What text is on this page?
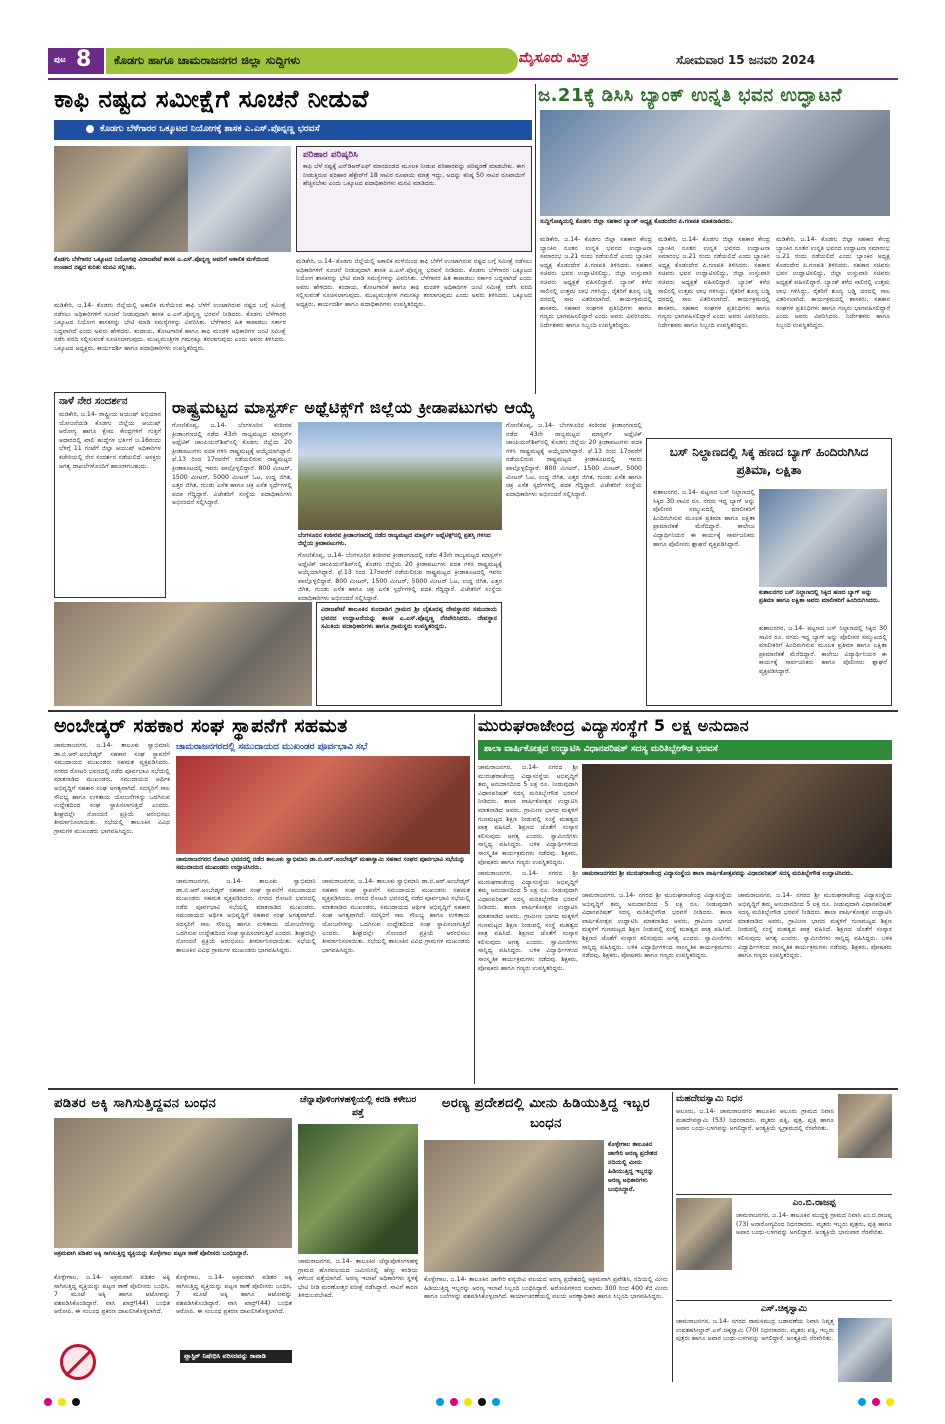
ಪುಟ 8 ಕೊಡಗು ಹಾಗೂ ಚಾಮರಾಜನಗರ ಜಿಲ್ಲಾ ಸುದ್ದಿಗಳು	ಮೈಸೂರು ಮಿತ್ರ	ಸೋಮವಾರ 15 ಜನವರಿ 2024
ಕಾಫಿ ನಷ್ಟದ ಸಮೀಕ್ಷೆಗೆ ಸೂಚನೆ ನೀಡುವೆ
ಕೊಡಗು ಬೆಳೆಗಾರರ ಒಕ್ಕೂಟದ ನಿಯೋಗಕ್ಕೆ ಶಾಸಕ ಎ.ಎಸ್.ಪೊನ್ನಣ್ಣ ಭರವಸೆ
ಪರಿಹಾರ ಪರಿಷ್ಕರಿಸಿ
ಕಾಫಿ ಬೆಳೆ ನಷ್ಟಕ್ಕೆ ಎನ್‌ಡಿಆರ್‌ಎಫ್ ಮಾನದಂಡದ ಮೂಲಕ ನೀಡುವ ಪರಿಹಾರವನ್ನು ಪರಿಷ್ಕರಣೆ ಮಾಡಬೇಕು. ಈಗ ನೀಡುತ್ತಿರುವ ಪರಿಹಾರ ಹೆಕ್ಟೇರ್‌ಗೆ 18 ಸಾವಿರ ರೂಪಾಯಿ ಮಾತ್ರ ಇದ್ದು, ಅದನ್ನು ಕನಿಷ್ಠ 50 ಸಾವಿರ ರೂಪಾಯಿಗೆ ಹೆಚ್ಚಿಸಬೇಕು ಎಂದು ಒಕ್ಕೂಟದ ಪದಾಧಿಕಾರಿಗಳು ಮನವಿ ಮಾಡಿದರು.
ಕೊಡಗು ಬೆಳೆಗಾರರ ಒಕ್ಕೂಟದ ನಿಯೋಗವು ವಿರಾಜಪೇಟೆ ಶಾಸಕ ಎ.ಎಸ್.ಪೊನ್ನಣ್ಣ ಅವರಿಗೆ ಅಕಾಲಿಕ ಮಳೆಯಿಂದ ಉಂಟಾದ ನಷ್ಟದ ಕುರಿತು ಮನವಿ ಸಲ್ಲಿಸಿತು.
ಮಡಿಕೇರಿ, ಜ.14- ಕೊಡಗು ಜಿಲ್ಲೆಯಲ್ಲಿ ಅಕಾಲಿಕ ಮಳೆಯಿಂದ ಕಾಫಿ ಬೆಳೆಗೆ ಉಂಟಾಗಿರುವ ನಷ್ಟದ ಬಗ್ಗೆ ಸಮೀಕ್ಷೆ ನಡೆಸಲು ಅಧಿಕಾರಿಗಳಿಗೆ ಸೂಚನೆ ನೀಡುವುದಾಗಿ ಶಾಸಕ ಎ.ಎಸ್.ಪೊನ್ನಣ್ಣ ಭರವಸೆ ನೀಡಿದರು. ಕೊಡಗು ಬೆಳೆಗಾರರ ಒಕ್ಕೂಟದ ನಿಯೋಗ ಶಾಸಕರನ್ನು ಭೇಟಿ ಮಾಡಿ ಸಮಸ್ಯೆಗಳನ್ನು ವಿವರಿಸಿತು. ಬೆಳೆಗಾರರ ಹಿತ ಕಾಪಾಡಲು ಸರ್ಕಾರ ಬದ್ಧವಾಗಿದೆ ಎಂದು ಅವರು ಹೇಳಿದರು. ಕಂದಾಯ, ತೋಟಗಾರಿಕೆ ಹಾಗೂ ಕಾಫಿ ಮಂಡಳಿ ಅಧಿಕಾರಿಗಳ ಜಂಟಿ ಸಮೀಕ್ಷೆ ನಡೆಸಿ ವರದಿ ಸಲ್ಲಿಸುವಂತೆ ಸೂಚಿಸಲಾಗುವುದು. ಮುಖ್ಯಮಂತ್ರಿಗಳ ಗಮನಕ್ಕೂ ತರಲಾಗುವುದು ಎಂದು ಅವರು ತಿಳಿಸಿದರು. ಒಕ್ಕೂಟದ ಅಧ್ಯಕ್ಷರು, ಕಾರ್ಯದರ್ಶಿ ಹಾಗೂ ಪದಾಧಿಕಾರಿಗಳು ಉಪಸ್ಥಿತರಿದ್ದರು.
ಮಡಿಕೇರಿ, ಜ.14- ಕೊಡಗು ಜಿಲ್ಲೆಯಲ್ಲಿ ಅಕಾಲಿಕ ಮಳೆಯಿಂದ ಕಾಫಿ ಬೆಳೆಗೆ ಉಂಟಾಗಿರುವ ನಷ್ಟದ ಬಗ್ಗೆ ಸಮೀಕ್ಷೆ ನಡೆಸಲು ಅಧಿಕಾರಿಗಳಿಗೆ ಸೂಚನೆ ನೀಡುವುದಾಗಿ ಶಾಸಕ ಎ.ಎಸ್.ಪೊನ್ನಣ್ಣ ಭರವಸೆ ನೀಡಿದರು. ಕೊಡಗು ಬೆಳೆಗಾರರ ಒಕ್ಕೂಟದ ನಿಯೋಗ ಶಾಸಕರನ್ನು ಭೇಟಿ ಮಾಡಿ ಸಮಸ್ಯೆಗಳನ್ನು ವಿವರಿಸಿತು. ಬೆಳೆಗಾರರ ಹಿತ ಕಾಪಾಡಲು ಸರ್ಕಾರ ಬದ್ಧವಾಗಿದೆ ಎಂದು ಅವರು ಹೇಳಿದರು. ಕಂದಾಯ, ತೋಟಗಾರಿಕೆ ಹಾಗೂ ಕಾಫಿ ಮಂಡಳಿ ಅಧಿಕಾರಿಗಳ ಜಂಟಿ ಸಮೀಕ್ಷೆ ನಡೆಸಿ ವರದಿ ಸಲ್ಲಿಸುವಂತೆ ಸೂಚಿಸಲಾಗುವುದು. ಮುಖ್ಯಮಂತ್ರಿಗಳ ಗಮನಕ್ಕೂ ತರಲಾಗುವುದು ಎಂದು ಅವರು ತಿಳಿಸಿದರು. ಒಕ್ಕೂಟದ ಅಧ್ಯಕ್ಷರು, ಕಾರ್ಯದರ್ಶಿ ಹಾಗೂ ಪದಾಧಿಕಾರಿಗಳು ಉಪಸ್ಥಿತರಿದ್ದರು.
ಜ.21ಕ್ಕೆ ಡಿಸಿಸಿ ಬ್ಯಾಂಕ್ ಉನ್ನತಿ ಭವನ ಉದ್ಘಾಟನೆ
ಸುದ್ದಿಗೋಷ್ಠಿಯಲ್ಲಿ ಕೊಡಗು ಜಿಲ್ಲಾ ಸಹಕಾರ ಬ್ಯಾಂಕ್ ಅಧ್ಯಕ್ಷ ಕೊಡಂದೇರ ಪಿ.ಗಣಪತಿ ಮಾತನಾಡಿದರು.
ಮಡಿಕೇರಿ, ಜ.14- ಕೊಡಗು ಜಿಲ್ಲಾ ಸಹಕಾರ ಕೇಂದ್ರ ಬ್ಯಾಂಕಿನ ನೂತನ ಉನ್ನತಿ ಭವನದ ಉದ್ಘಾಟನಾ ಸಮಾರಂಭ ಜ.21 ರಂದು ನಡೆಯಲಿದೆ ಎಂದು ಬ್ಯಾಂಕಿನ ಅಧ್ಯಕ್ಷ ಕೊಡಂದೇರ ಪಿ.ಗಣಪತಿ ತಿಳಿಸಿದರು. ಸಹಕಾರ ಸಚಿವರು ಭವನ ಉದ್ಘಾಟಿಸಲಿದ್ದು, ಜಿಲ್ಲಾ ಉಸ್ತುವಾರಿ ಸಚಿವರು ಅಧ್ಯಕ್ಷತೆ ವಹಿಸಲಿದ್ದಾರೆ. ಬ್ಯಾಂಕ್ ಕಳೆದ ಸಾಲಿನಲ್ಲಿ ಉತ್ತಮ ಲಾಭ ಗಳಿಸಿದ್ದು, ರೈತರಿಗೆ ಶೂನ್ಯ ಬಡ್ಡಿ ದರದಲ್ಲಿ ಸಾಲ ವಿತರಿಸಲಾಗಿದೆ. ಕಾರ್ಯಕ್ರಮದಲ್ಲಿ ಶಾಸಕರು, ಸಹಕಾರ ಸಂಘಗಳ ಪ್ರತಿನಿಧಿಗಳು ಹಾಗೂ ಗಣ್ಯರು ಭಾಗವಹಿಸಲಿದ್ದಾರೆ ಎಂದು ಅವರು ವಿವರಿಸಿದರು. ನಿರ್ದೇಶಕರು ಹಾಗೂ ಸಿಬ್ಬಂದಿ ಉಪಸ್ಥಿತರಿದ್ದರು.
ಮಡಿಕೇರಿ, ಜ.14- ಕೊಡಗು ಜಿಲ್ಲಾ ಸಹಕಾರ ಕೇಂದ್ರ ಬ್ಯಾಂಕಿನ ನೂತನ ಉನ್ನತಿ ಭವನದ ಉದ್ಘಾಟನಾ ಸಮಾರಂಭ ಜ.21 ರಂದು ನಡೆಯಲಿದೆ ಎಂದು ಬ್ಯಾಂಕಿನ ಅಧ್ಯಕ್ಷ ಕೊಡಂದೇರ ಪಿ.ಗಣಪತಿ ತಿಳಿಸಿದರು. ಸಹಕಾರ ಸಚಿವರು ಭವನ ಉದ್ಘಾಟಿಸಲಿದ್ದು, ಜಿಲ್ಲಾ ಉಸ್ತುವಾರಿ ಸಚಿವರು ಅಧ್ಯಕ್ಷತೆ ವಹಿಸಲಿದ್ದಾರೆ. ಬ್ಯಾಂಕ್ ಕಳೆದ ಸಾಲಿನಲ್ಲಿ ಉತ್ತಮ ಲಾಭ ಗಳಿಸಿದ್ದು, ರೈತರಿಗೆ ಶೂನ್ಯ ಬಡ್ಡಿ ದರದಲ್ಲಿ ಸಾಲ ವಿತರಿಸಲಾಗಿದೆ. ಕಾರ್ಯಕ್ರಮದಲ್ಲಿ ಶಾಸಕರು, ಸಹಕಾರ ಸಂಘಗಳ ಪ್ರತಿನಿಧಿಗಳು ಹಾಗೂ ಗಣ್ಯರು ಭಾಗವಹಿಸಲಿದ್ದಾರೆ ಎಂದು ಅವರು ವಿವರಿಸಿದರು. ನಿರ್ದೇಶಕರು ಹಾಗೂ ಸಿಬ್ಬಂದಿ ಉಪಸ್ಥಿತರಿದ್ದರು.
ಮಡಿಕೇರಿ, ಜ.14- ಕೊಡಗು ಜಿಲ್ಲಾ ಸಹಕಾರ ಕೇಂದ್ರ ಬ್ಯಾಂಕಿನ ನೂತನ ಉನ್ನತಿ ಭವನದ ಉದ್ಘಾಟನಾ ಸಮಾರಂಭ ಜ.21 ರಂದು ನಡೆಯಲಿದೆ ಎಂದು ಬ್ಯಾಂಕಿನ ಅಧ್ಯಕ್ಷ ಕೊಡಂದೇರ ಪಿ.ಗಣಪತಿ ತಿಳಿಸಿದರು. ಸಹಕಾರ ಸಚಿವರು ಭವನ ಉದ್ಘಾಟಿಸಲಿದ್ದು, ಜಿಲ್ಲಾ ಉಸ್ತುವಾರಿ ಸಚಿವರು ಅಧ್ಯಕ್ಷತೆ ವಹಿಸಲಿದ್ದಾರೆ. ಬ್ಯಾಂಕ್ ಕಳೆದ ಸಾಲಿನಲ್ಲಿ ಉತ್ತಮ ಲಾಭ ಗಳಿಸಿದ್ದು, ರೈತರಿಗೆ ಶೂನ್ಯ ಬಡ್ಡಿ ದರದಲ್ಲಿ ಸಾಲ ವಿತರಿಸಲಾಗಿದೆ. ಕಾರ್ಯಕ್ರಮದಲ್ಲಿ ಶಾಸಕರು, ಸಹಕಾರ ಸಂಘಗಳ ಪ್ರತಿನಿಧಿಗಳು ಹಾಗೂ ಗಣ್ಯರು ಭಾಗವಹಿಸಲಿದ್ದಾರೆ ಎಂದು ಅವರು ವಿವರಿಸಿದರು. ನಿರ್ದೇಶಕರು ಹಾಗೂ ಸಿಬ್ಬಂದಿ ಉಪಸ್ಥಿತರಿದ್ದರು.
ನಾಳೆ ನೇರ ಸಂದರ್ಶನ
ಮಡಿಕೇರಿ, ಜ.14- ರಾಷ್ಟ್ರೀಯ ಆಯುಷ್ ಅಭಿಯಾನ ಯೋಜನೆಯಡಿ ಕೊಡಗು ಜಿಲ್ಲೆಯ ಆಯುಷ್ ಆರೋಗ್ಯ ಹಾಗೂ ಕ್ಷೇಮ ಕೇಂದ್ರಗಳಿಗೆ ಗುತ್ತಿಗೆ ಆಧಾರದಲ್ಲಿ ಖಾಲಿ ಹುದ್ದೆಗಳ ಭರ್ತಿಗೆ ಜ.16ರಂದು ಬೆಳಿಗ್ಗೆ 11 ಗಂಟೆಗೆ ಜಿಲ್ಲಾ ಆಯುಷ್ ಅಧಿಕಾರಿಗಳ ಕಚೇರಿಯಲ್ಲಿ ನೇರ ಸಂದರ್ಶನ ನಡೆಯಲಿದೆ. ಆಸಕ್ತರು ಅಗತ್ಯ ದಾಖಲೆಗಳೊಂದಿಗೆ ಹಾಜರಾಗಬಹುದು.
ರಾಷ್ಟ್ರಮಟ್ಟದ ಮಾಸ್ಟರ್ಸ್ ಅಥ್ಲೆಟಿಕ್ಸ್‌ಗೆ ಜಿಲ್ಲೆಯ ಕ್ರೀಡಾಪಟುಗಳು ಆಯ್ಕೆ
ಗೋಣಿಕೊಪ್ಪ, ಜ.14- ಬೆಂಗಳೂರಿನ ಕಂಠೀರವ ಕ್ರೀಡಾಂಗಣದಲ್ಲಿ ನಡೆದ 43ನೇ ರಾಜ್ಯಮಟ್ಟದ ಮಾಸ್ಟರ್ಸ್ ಅಥ್ಲೆಟಿಕ್ ಚಾಂಪಿಯನ್‌ಶಿಪ್‌ನಲ್ಲಿ ಕೊಡಗು ಜಿಲ್ಲೆಯ 20 ಕ್ರೀಡಾಪಟುಗಳು ಪದಕ ಗಳಿಸಿ ರಾಷ್ಟ್ರಮಟ್ಟಕ್ಕೆ ಆಯ್ಕೆಯಾಗಿದ್ದಾರೆ. ಫೆ.13 ರಿಂದ 17ರವರೆಗೆ ನಡೆಯಲಿರುವ ರಾಷ್ಟ್ರಮಟ್ಟದ ಕ್ರೀಡಾಕೂಟದಲ್ಲಿ ಇವರು ಪಾಲ್ಗೊಳ್ಳಲಿದ್ದಾರೆ. 800 ಮೀಟರ್, 1500 ಮೀಟರ್, 5000 ಮೀಟರ್ ಓಟ, ಉದ್ದ ಜಿಗಿತ, ಎತ್ತರ ಜಿಗಿತ, ಗುಂಡು ಎಸೆತ ಹಾಗೂ ಚಕ್ರ ಎಸೆತ ಸ್ಪರ್ಧೆಗಳಲ್ಲಿ ಪದಕ ಗೆದ್ದಿದ್ದಾರೆ. ವಿಜೇತರಿಗೆ ಸಂಸ್ಥೆಯ ಪದಾಧಿಕಾರಿಗಳು ಅಭಿನಂದನೆ ಸಲ್ಲಿಸಿದ್ದಾರೆ.
ಬೆಂಗಳೂರಿನ ಕಂಠೀರವ ಕ್ರೀಡಾಂಗಣದಲ್ಲಿ ನಡೆದ ರಾಜ್ಯಮಟ್ಟದ ಮಾಸ್ಟರ್ಸ್ ಅಥ್ಲೆಟಿಕ್ಸ್‌ನಲ್ಲಿ ಪ್ರಶಸ್ತಿ ಗಳಿಸಿದ ಜಿಲ್ಲೆಯ ಕ್ರೀಡಾಪಟುಗಳು.
ಗೋಣಿಕೊಪ್ಪ, ಜ.14- ಬೆಂಗಳೂರಿನ ಕಂಠೀರವ ಕ್ರೀಡಾಂಗಣದಲ್ಲಿ ನಡೆದ 43ನೇ ರಾಜ್ಯಮಟ್ಟದ ಮಾಸ್ಟರ್ಸ್ ಅಥ್ಲೆಟಿಕ್ ಚಾಂಪಿಯನ್‌ಶಿಪ್‌ನಲ್ಲಿ ಕೊಡಗು ಜಿಲ್ಲೆಯ 20 ಕ್ರೀಡಾಪಟುಗಳು ಪದಕ ಗಳಿಸಿ ರಾಷ್ಟ್ರಮಟ್ಟಕ್ಕೆ ಆಯ್ಕೆಯಾಗಿದ್ದಾರೆ. ಫೆ.13 ರಿಂದ 17ರವರೆಗೆ ನಡೆಯಲಿರುವ ರಾಷ್ಟ್ರಮಟ್ಟದ ಕ್ರೀಡಾಕೂಟದಲ್ಲಿ ಇವರು ಪಾಲ್ಗೊಳ್ಳಲಿದ್ದಾರೆ. 800 ಮೀಟರ್, 1500 ಮೀಟರ್, 5000 ಮೀಟರ್ ಓಟ, ಉದ್ದ ಜಿಗಿತ, ಎತ್ತರ ಜಿಗಿತ, ಗುಂಡು ಎಸೆತ ಹಾಗೂ ಚಕ್ರ ಎಸೆತ ಸ್ಪರ್ಧೆಗಳಲ್ಲಿ ಪದಕ ಗೆದ್ದಿದ್ದಾರೆ. ವಿಜೇತರಿಗೆ ಸಂಸ್ಥೆಯ ಪದಾಧಿಕಾರಿಗಳು ಅಭಿನಂದನೆ ಸಲ್ಲಿಸಿದ್ದಾರೆ.
ಗೋಣಿಕೊಪ್ಪ, ಜ.14- ಬೆಂಗಳೂರಿನ ಕಂಠೀರವ ಕ್ರೀಡಾಂಗಣದಲ್ಲಿ ನಡೆದ 43ನೇ ರಾಜ್ಯಮಟ್ಟದ ಮಾಸ್ಟರ್ಸ್ ಅಥ್ಲೆಟಿಕ್ ಚಾಂಪಿಯನ್‌ಶಿಪ್‌ನಲ್ಲಿ ಕೊಡಗು ಜಿಲ್ಲೆಯ 20 ಕ್ರೀಡಾಪಟುಗಳು ಪದಕ ಗಳಿಸಿ ರಾಷ್ಟ್ರಮಟ್ಟಕ್ಕೆ ಆಯ್ಕೆಯಾಗಿದ್ದಾರೆ. ಫೆ.13 ರಿಂದ 17ರವರೆಗೆ ನಡೆಯಲಿರುವ ರಾಷ್ಟ್ರಮಟ್ಟದ ಕ್ರೀಡಾಕೂಟದಲ್ಲಿ ಇವರು ಪಾಲ್ಗೊಳ್ಳಲಿದ್ದಾರೆ. 800 ಮೀಟರ್, 1500 ಮೀಟರ್, 5000 ಮೀಟರ್ ಓಟ, ಉದ್ದ ಜಿಗಿತ, ಎತ್ತರ ಜಿಗಿತ, ಗುಂಡು ಎಸೆತ ಹಾಗೂ ಚಕ್ರ ಎಸೆತ ಸ್ಪರ್ಧೆಗಳಲ್ಲಿ ಪದಕ ಗೆದ್ದಿದ್ದಾರೆ. ವಿಜೇತರಿಗೆ ಸಂಸ್ಥೆಯ ಪದಾಧಿಕಾರಿಗಳು ಅಭಿನಂದನೆ ಸಲ್ಲಿಸಿದ್ದಾರೆ.
ವಿರಾಜಪೇಟೆ ತಾಲೂಕಿನ ಕುಂದಾಡಿಗ ಗ್ರಾಮದ ಶ್ರೀ ಬೈತೂರಪ್ಪ ದೇವಸ್ಥಾನದ ಸಮುದಾಯ ಭವನದ ಉದ್ಘಾಟನೆಯನ್ನು ಶಾಸಕ ಎ.ಎಸ್.ಪೊನ್ನಣ್ಣ ನೆರವೇರಿಸಿದರು. ದೇವಸ್ಥಾನ ಸಮಿತಿಯ ಪದಾಧಿಕಾರಿಗಳು ಹಾಗೂ ಗ್ರಾಮಸ್ಥರು ಉಪಸ್ಥಿತರಿದ್ದರು.
ಬಸ್ ನಿಲ್ದಾಣದಲ್ಲಿ ಸಿಕ್ಕ ಹಣದ ಬ್ಯಾಗ್ ಹಿಂದಿರುಗಿಸಿದ ಪ್ರತಿಮಾ, ಲಕ್ಷಿತಾ
ಕುಶಾಲನಗರ, ಜ.14- ಪಟ್ಟಣದ ಬಸ್ ನಿಲ್ದಾಣದಲ್ಲಿ ಸಿಕ್ಕಿದ 30 ಸಾವಿರ ರೂ. ನಗದು ಇದ್ದ ಬ್ಯಾಗ್ ಅನ್ನು ಪೊಲೀಸರ ಸಮ್ಮುಖದಲ್ಲಿ ಮಾಲೀಕರಿಗೆ ಹಿಂದಿರುಗಿಸುವ ಮೂಲಕ ಪ್ರತಿಮಾ ಹಾಗೂ ಲಕ್ಷಿತಾ ಪ್ರಾಮಾಣಿಕತೆ ಮೆರೆದಿದ್ದಾರೆ. ಕಾಲೇಜು ವಿದ್ಯಾರ್ಥಿನಿಯರ ಈ ಕಾರ್ಯಕ್ಕೆ ಸಾರ್ವಜನಿಕರು ಹಾಗೂ ಪೊಲೀಸರು ಶ್ಲಾಘನೆ ವ್ಯಕ್ತಪಡಿಸಿದ್ದಾರೆ.
ಕುಶಾಲನಗರ ಬಸ್ ನಿಲ್ದಾಣದಲ್ಲಿ ಸಿಕ್ಕಿದ ಹಣದ ಬ್ಯಾಗ್ ಅನ್ನು ಪ್ರತಿಮಾ ಹಾಗೂ ಲಕ್ಷಿತಾ ಅವರು ಮಾಲೀಕರಿಗೆ ಹಿಂದಿರುಗಿಸಿದರು.
ಕುಶಾಲನಗರ, ಜ.14- ಪಟ್ಟಣದ ಬಸ್ ನಿಲ್ದಾಣದಲ್ಲಿ ಸಿಕ್ಕಿದ 30 ಸಾವಿರ ರೂ. ನಗದು ಇದ್ದ ಬ್ಯಾಗ್ ಅನ್ನು ಪೊಲೀಸರ ಸಮ್ಮುಖದಲ್ಲಿ ಮಾಲೀಕರಿಗೆ ಹಿಂದಿರುಗಿಸುವ ಮೂಲಕ ಪ್ರತಿಮಾ ಹಾಗೂ ಲಕ್ಷಿತಾ ಪ್ರಾಮಾಣಿಕತೆ ಮೆರೆದಿದ್ದಾರೆ. ಕಾಲೇಜು ವಿದ್ಯಾರ್ಥಿನಿಯರ ಈ ಕಾರ್ಯಕ್ಕೆ ಸಾರ್ವಜನಿಕರು ಹಾಗೂ ಪೊಲೀಸರು ಶ್ಲಾಘನೆ ವ್ಯಕ್ತಪಡಿಸಿದ್ದಾರೆ.
ಅಂಬೇಡ್ಕರ್ ಸಹಕಾರ ಸಂಘ ಸ್ಥಾಪನೆಗೆ ಸಹಮತ
ಚಾಮರಾಜನಗರ, ಜ.14- ತಾಲೂಕು ಸ್ವಾಭಿಮಾನಿ ಡಾ.ಬಿ.ಆರ್.ಅಂಬೇಡ್ಕರ್ ಸಹಕಾರ ಸಂಘ ಸ್ಥಾಪನೆಗೆ ಸಮುದಾಯದ ಮುಖಂಡರು ಸಹಮತ ವ್ಯಕ್ತಪಡಿಸಿದರು. ನಗರದ ರೋಟರಿ ಭವನದಲ್ಲಿ ನಡೆದ ಪೂರ್ವಭಾವಿ ಸಭೆಯಲ್ಲಿ ಮಾತನಾಡಿದ ಮುಖಂಡರು, ಸಮುದಾಯದ ಆರ್ಥಿಕ ಅಭಿವೃದ್ಧಿಗೆ ಸಹಕಾರ ಸಂಘ ಅಗತ್ಯವಾಗಿದೆ. ಸದಸ್ಯರಿಗೆ ಸಾಲ ಸೌಲಭ್ಯ ಹಾಗೂ ಉಳಿತಾಯ ಯೋಜನೆಗಳನ್ನು ಒದಗಿಸುವ ಉದ್ದೇಶದಿಂದ ಸಂಘ ಸ್ಥಾಪಿಸಲಾಗುತ್ತಿದೆ ಎಂದರು. ಶೀಘ್ರದಲ್ಲೇ ನೋಂದಣಿ ಪ್ರಕ್ರಿಯೆ ಆರಂಭಿಸಲು ತೀರ್ಮಾನಿಸಲಾಯಿತು. ಸಭೆಯಲ್ಲಿ ತಾಲೂಕಿನ ವಿವಿಧ ಗ್ರಾಮಗಳ ಮುಖಂಡರು ಭಾಗವಹಿಸಿದ್ದರು.
ಚಾಮರಾಜನಗರದಲ್ಲಿ ಸಮುದಾಯದ ಮುಖಂಡರ ಪೂರ್ವಭಾವಿ ಸಭೆ
ಚಾಮರಾಜನಗರದ ರೋಟರಿ ಭವನದಲ್ಲಿ ನಡೆದ ತಾಲೂಕು ಸ್ವಾಭಿಮಾನಿ ಡಾ.ಬಿ.ಆರ್.ಅಂಬೇಡ್ಕರ್ ಮಹಾಸ್ವಾಮಿ ಸಹಕಾರ ಸಂಘದ ಪೂರ್ವಭಾವಿ ಸಭೆಯನ್ನು ಸಮುದಾಯದ ಮುಖಂಡರು ಉದ್ಘಾಟಿಸಿದರು.
ಚಾಮರಾಜನಗರ, ಜ.14- ತಾಲೂಕು ಸ್ವಾಭಿಮಾನಿ ಡಾ.ಬಿ.ಆರ್.ಅಂಬೇಡ್ಕರ್ ಸಹಕಾರ ಸಂಘ ಸ್ಥಾಪನೆಗೆ ಸಮುದಾಯದ ಮುಖಂಡರು ಸಹಮತ ವ್ಯಕ್ತಪಡಿಸಿದರು. ನಗರದ ರೋಟರಿ ಭವನದಲ್ಲಿ ನಡೆದ ಪೂರ್ವಭಾವಿ ಸಭೆಯಲ್ಲಿ ಮಾತನಾಡಿದ ಮುಖಂಡರು, ಸಮುದಾಯದ ಆರ್ಥಿಕ ಅಭಿವೃದ್ಧಿಗೆ ಸಹಕಾರ ಸಂಘ ಅಗತ್ಯವಾಗಿದೆ. ಸದಸ್ಯರಿಗೆ ಸಾಲ ಸೌಲಭ್ಯ ಹಾಗೂ ಉಳಿತಾಯ ಯೋಜನೆಗಳನ್ನು ಒದಗಿಸುವ ಉದ್ದೇಶದಿಂದ ಸಂಘ ಸ್ಥಾಪಿಸಲಾಗುತ್ತಿದೆ ಎಂದರು. ಶೀಘ್ರದಲ್ಲೇ ನೋಂದಣಿ ಪ್ರಕ್ರಿಯೆ ಆರಂಭಿಸಲು ತೀರ್ಮಾನಿಸಲಾಯಿತು. ಸಭೆಯಲ್ಲಿ ತಾಲೂಕಿನ ವಿವಿಧ ಗ್ರಾಮಗಳ ಮುಖಂಡರು ಭಾಗವಹಿಸಿದ್ದರು.
ಚಾಮರಾಜನಗರ, ಜ.14- ತಾಲೂಕು ಸ್ವಾಭಿಮಾನಿ ಡಾ.ಬಿ.ಆರ್.ಅಂಬೇಡ್ಕರ್ ಸಹಕಾರ ಸಂಘ ಸ್ಥಾಪನೆಗೆ ಸಮುದಾಯದ ಮುಖಂಡರು ಸಹಮತ ವ್ಯಕ್ತಪಡಿಸಿದರು. ನಗರದ ರೋಟರಿ ಭವನದಲ್ಲಿ ನಡೆದ ಪೂರ್ವಭಾವಿ ಸಭೆಯಲ್ಲಿ ಮಾತನಾಡಿದ ಮುಖಂಡರು, ಸಮುದಾಯದ ಆರ್ಥಿಕ ಅಭಿವೃದ್ಧಿಗೆ ಸಹಕಾರ ಸಂಘ ಅಗತ್ಯವಾಗಿದೆ. ಸದಸ್ಯರಿಗೆ ಸಾಲ ಸೌಲಭ್ಯ ಹಾಗೂ ಉಳಿತಾಯ ಯೋಜನೆಗಳನ್ನು ಒದಗಿಸುವ ಉದ್ದೇಶದಿಂದ ಸಂಘ ಸ್ಥಾಪಿಸಲಾಗುತ್ತಿದೆ ಎಂದರು. ಶೀಘ್ರದಲ್ಲೇ ನೋಂದಣಿ ಪ್ರಕ್ರಿಯೆ ಆರಂಭಿಸಲು ತೀರ್ಮಾನಿಸಲಾಯಿತು. ಸಭೆಯಲ್ಲಿ ತಾಲೂಕಿನ ವಿವಿಧ ಗ್ರಾಮಗಳ ಮುಖಂಡರು ಭಾಗವಹಿಸಿದ್ದರು.
ಮುರುಘರಾಜೇಂದ್ರ ವಿದ್ಯಾಸಂಸ್ಥೆಗೆ 5 ಲಕ್ಷ ಅನುದಾನ
ಶಾಲಾ ವಾರ್ಷಿಕೋತ್ಸವ ಉದ್ಘಾಟಿಸಿ ವಿಧಾನಪರಿಷತ್ ಸದಸ್ಯ ಮರಿತಿಬ್ಬೇಗೌಡ ಭರವಸೆ
ಚಾಮರಾಜನಗರ, ಜ.14- ನಗರದ ಶ್ರೀ ಮುರುಘರಾಜೇಂದ್ರ ವಿದ್ಯಾಸಂಸ್ಥೆಯ ಅಭಿವೃದ್ಧಿಗೆ ತಮ್ಮ ಅನುದಾನದಿಂದ 5 ಲಕ್ಷ ರೂ. ನೀಡುವುದಾಗಿ ವಿಧಾನಪರಿಷತ್ ಸದಸ್ಯ ಮರಿತಿಬ್ಬೇಗೌಡ ಭರವಸೆ ನೀಡಿದರು. ಶಾಲಾ ವಾರ್ಷಿಕೋತ್ಸವ ಉದ್ಘಾಟಿಸಿ ಮಾತನಾಡಿದ ಅವರು, ಗ್ರಾಮೀಣ ಭಾಗದ ಮಕ್ಕಳಿಗೆ ಗುಣಮಟ್ಟದ ಶಿಕ್ಷಣ ನೀಡುವಲ್ಲಿ ಸಂಸ್ಥೆ ಮಹತ್ವದ ಪಾತ್ರ ವಹಿಸಿದೆ. ಶಿಕ್ಷಣದ ಜೊತೆಗೆ ಸಂಸ್ಕಾರ ಕಲಿಸುವುದು ಅಗತ್ಯ ಎಂದರು. ಸ್ವಾಮೀಜಿಗಳು ಸಾನ್ನಿಧ್ಯ ವಹಿಸಿದ್ದರು. ಬಳಿಕ ವಿದ್ಯಾರ್ಥಿಗಳಿಂದ ಸಾಂಸ್ಕೃತಿಕ ಕಾರ್ಯಕ್ರಮಗಳು ನಡೆದವು. ಶಿಕ್ಷಕರು, ಪೋಷಕರು ಹಾಗೂ ಗಣ್ಯರು ಉಪಸ್ಥಿತರಿದ್ದರು.
ಚಾಮರಾಜನಗರದ ಶ್ರೀ ಮುರುಘರಾಜೇಂದ್ರ ವಿದ್ಯಾಸಂಸ್ಥೆಯ ಶಾಲಾ ವಾರ್ಷಿಕೋತ್ಸವವನ್ನು ವಿಧಾನಪರಿಷತ್ ಸದಸ್ಯ ಮರಿತಿಬ್ಬೇಗೌಡ ಉದ್ಘಾಟಿಸಿದರು.
ಚಾಮರಾಜನಗರ, ಜ.14- ನಗರದ ಶ್ರೀ ಮುರುಘರಾಜೇಂದ್ರ ವಿದ್ಯಾಸಂಸ್ಥೆಯ ಅಭಿವೃದ್ಧಿಗೆ ತಮ್ಮ ಅನುದಾನದಿಂದ 5 ಲಕ್ಷ ರೂ. ನೀಡುವುದಾಗಿ ವಿಧಾನಪರಿಷತ್ ಸದಸ್ಯ ಮರಿತಿಬ್ಬೇಗೌಡ ಭರವಸೆ ನೀಡಿದರು. ಶಾಲಾ ವಾರ್ಷಿಕೋತ್ಸವ ಉದ್ಘಾಟಿಸಿ ಮಾತನಾಡಿದ ಅವರು, ಗ್ರಾಮೀಣ ಭಾಗದ ಮಕ್ಕಳಿಗೆ ಗುಣಮಟ್ಟದ ಶಿಕ್ಷಣ ನೀಡುವಲ್ಲಿ ಸಂಸ್ಥೆ ಮಹತ್ವದ ಪಾತ್ರ ವಹಿಸಿದೆ. ಶಿಕ್ಷಣದ ಜೊತೆಗೆ ಸಂಸ್ಕಾರ ಕಲಿಸುವುದು ಅಗತ್ಯ ಎಂದರು. ಸ್ವಾಮೀಜಿಗಳು ಸಾನ್ನಿಧ್ಯ ವಹಿಸಿದ್ದರು. ಬಳಿಕ ವಿದ್ಯಾರ್ಥಿಗಳಿಂದ ಸಾಂಸ್ಕೃತಿಕ ಕಾರ್ಯಕ್ರಮಗಳು ನಡೆದವು. ಶಿಕ್ಷಕರು, ಪೋಷಕರು ಹಾಗೂ ಗಣ್ಯರು ಉಪಸ್ಥಿತರಿದ್ದರು.
ಚಾಮರಾಜನಗರ, ಜ.14- ನಗರದ ಶ್ರೀ ಮುರುಘರಾಜೇಂದ್ರ ವಿದ್ಯಾಸಂಸ್ಥೆಯ ಅಭಿವೃದ್ಧಿಗೆ ತಮ್ಮ ಅನುದಾನದಿಂದ 5 ಲಕ್ಷ ರೂ. ನೀಡುವುದಾಗಿ ವಿಧಾನಪರಿಷತ್ ಸದಸ್ಯ ಮರಿತಿಬ್ಬೇಗೌಡ ಭರವಸೆ ನೀಡಿದರು. ಶಾಲಾ ವಾರ್ಷಿಕೋತ್ಸವ ಉದ್ಘಾಟಿಸಿ ಮಾತನಾಡಿದ ಅವರು, ಗ್ರಾಮೀಣ ಭಾಗದ ಮಕ್ಕಳಿಗೆ ಗುಣಮಟ್ಟದ ಶಿಕ್ಷಣ ನೀಡುವಲ್ಲಿ ಸಂಸ್ಥೆ ಮಹತ್ವದ ಪಾತ್ರ ವಹಿಸಿದೆ. ಶಿಕ್ಷಣದ ಜೊತೆಗೆ ಸಂಸ್ಕಾರ ಕಲಿಸುವುದು ಅಗತ್ಯ ಎಂದರು. ಸ್ವಾಮೀಜಿಗಳು ಸಾನ್ನಿಧ್ಯ ವಹಿಸಿದ್ದರು. ಬಳಿಕ ವಿದ್ಯಾರ್ಥಿಗಳಿಂದ ಸಾಂಸ್ಕೃತಿಕ ಕಾರ್ಯಕ್ರಮಗಳು ನಡೆದವು. ಶಿಕ್ಷಕರು, ಪೋಷಕರು ಹಾಗೂ ಗಣ್ಯರು ಉಪಸ್ಥಿತರಿದ್ದರು.
ಚಾಮರಾಜನಗರ, ಜ.14- ನಗರದ ಶ್ರೀ ಮುರುಘರಾಜೇಂದ್ರ ವಿದ್ಯಾಸಂಸ್ಥೆಯ ಅಭಿವೃದ್ಧಿಗೆ ತಮ್ಮ ಅನುದಾನದಿಂದ 5 ಲಕ್ಷ ರೂ. ನೀಡುವುದಾಗಿ ವಿಧಾನಪರಿಷತ್ ಸದಸ್ಯ ಮರಿತಿಬ್ಬೇಗೌಡ ಭರವಸೆ ನೀಡಿದರು. ಶಾಲಾ ವಾರ್ಷಿಕೋತ್ಸವ ಉದ್ಘಾಟಿಸಿ ಮಾತನಾಡಿದ ಅವರು, ಗ್ರಾಮೀಣ ಭಾಗದ ಮಕ್ಕಳಿಗೆ ಗುಣಮಟ್ಟದ ಶಿಕ್ಷಣ ನೀಡುವಲ್ಲಿ ಸಂಸ್ಥೆ ಮಹತ್ವದ ಪಾತ್ರ ವಹಿಸಿದೆ. ಶಿಕ್ಷಣದ ಜೊತೆಗೆ ಸಂಸ್ಕಾರ ಕಲಿಸುವುದು ಅಗತ್ಯ ಎಂದರು. ಸ್ವಾಮೀಜಿಗಳು ಸಾನ್ನಿಧ್ಯ ವಹಿಸಿದ್ದರು. ಬಳಿಕ ವಿದ್ಯಾರ್ಥಿಗಳಿಂದ ಸಾಂಸ್ಕೃತಿಕ ಕಾರ್ಯಕ್ರಮಗಳು ನಡೆದವು. ಶಿಕ್ಷಕರು, ಪೋಷಕರು ಹಾಗೂ ಗಣ್ಯರು ಉಪಸ್ಥಿತರಿದ್ದರು.
ಪಡಿತರ ಅಕ್ಕಿ ಸಾಗಿಸುತ್ತಿದ್ದವನ ಬಂಧನ
ಅಕ್ರಮವಾಗಿ ಪಡಿತರ ಅಕ್ಕಿ ಸಾಗಿಸುತ್ತಿದ್ದ ವ್ಯಕ್ತಿಯನ್ನು ಕೊಳ್ಳೇಗಾಲ ಪಟ್ಟಣ ಠಾಣೆ ಪೊಲೀಸರು ಬಂಧಿಸಿದ್ದಾರೆ.
ಕೊಳ್ಳೇಗಾಲ, ಜ.14- ಅಕ್ರಮವಾಗಿ ಪಡಿತರ ಅಕ್ಕಿ ಸಾಗಿಸುತ್ತಿದ್ದ ವ್ಯಕ್ತಿಯನ್ನು ಪಟ್ಟಣ ಠಾಣೆ ಪೊಲೀಸರು ಬಂಧಿಸಿ, 7 ಮೂಟೆ ಅಕ್ಕಿ ಹಾಗೂ ಆಟೋವನ್ನು ವಶಪಡಿಸಿಕೊಂಡಿದ್ದಾರೆ. ವಾಸಿ ಖಾದ್ರ್(44) ಬಂಧಿತ ಆರೋಪಿ. ಈ ಸಂಬಂಧ ಪ್ರಕರಣ ದಾಖಲಿಸಿಕೊಳ್ಳಲಾಗಿದೆ.
ಕೊಳ್ಳೇಗಾಲ, ಜ.14- ಅಕ್ರಮವಾಗಿ ಪಡಿತರ ಅಕ್ಕಿ ಸಾಗಿಸುತ್ತಿದ್ದ ವ್ಯಕ್ತಿಯನ್ನು ಪಟ್ಟಣ ಠಾಣೆ ಪೊಲೀಸರು ಬಂಧಿಸಿ, 7 ಮೂಟೆ ಅಕ್ಕಿ ಹಾಗೂ ಆಟೋವನ್ನು ವಶಪಡಿಸಿಕೊಂಡಿದ್ದಾರೆ. ವಾಸಿ ಖಾದ್ರ್(44) ಬಂಧಿತ ಆರೋಪಿ. ಈ ಸಂಬಂಧ ಪ್ರಕರಣ ದಾಖಲಿಸಿಕೊಳ್ಳಲಾಗಿದೆ.
ಪ್ಲಾಸ್ಟಿಕ್ ನಿಷೇಧಿಸಿ ಪರಿಸರವನ್ನು ಕಾಪಾಡಿ
ಚೆನ್ನಾಪೊಳಿಂಗಳಹಳ್ಳಿಯಲ್ಲಿ ಕರಡಿ ಕಳೇಬರ ಪತ್ತೆ
ಚಾಮರಾಜನಗರ, ಜ.14- ತಾಲೂಕಿನ ಚೆನ್ನಾಪೊಳಿಂಗಳಹಳ್ಳಿ ಗ್ರಾಮದ ಹೊರವಲಯದ ಜಮೀನಿನಲ್ಲಿ ಹೆಣ್ಣು ಕರಡಿಯ ಕಳೇಬರ ಪತ್ತೆಯಾಗಿದೆ. ಅರಣ್ಯ ಇಲಾಖೆ ಅಧಿಕಾರಿಗಳು ಸ್ಥಳಕ್ಕೆ ಭೇಟಿ ನೀಡಿ ಮರಣೋತ್ತರ ಪರೀಕ್ಷೆ ನಡೆಸಿದ್ದಾರೆ. ಸಾವಿಗೆ ಕಾರಣ ತಿಳಿದುಬರಬೇಕಿದೆ.
ಅರಣ್ಯ ಪ್ರದೇಶದಲ್ಲಿ ಮೀನು ಹಿಡಿಯುತ್ತಿದ್ದ ಇಬ್ಬರ ಬಂಧನ
ಕೊಳ್ಳೇಗಾಲ ತಾಲೂಕಿನ ಜಾಗೇರಿ ಅರಣ್ಯ ಪ್ರದೇಶದ ನದಿಯಲ್ಲಿ ಮೀನು ಹಿಡಿಯುತ್ತಿದ್ದ ಇಬ್ಬರನ್ನು ಅರಣ್ಯ ಅಧಿಕಾರಿಗಳು ಬಂಧಿಸಿದ್ದಾರೆ.
ಕೊಳ್ಳೇಗಾಲ, ಜ.14- ತಾಲೂಕಿನ ಜಾಗೇರಿ ವನ್ಯಜೀವಿ ವಲಯದ ಅರಣ್ಯ ಪ್ರದೇಶದಲ್ಲಿ ಅಕ್ರಮವಾಗಿ ಪ್ರವೇಶಿಸಿ, ನದಿಯಲ್ಲಿ ಮೀನು ಹಿಡಿಯುತ್ತಿದ್ದ ಇಬ್ಬರನ್ನು ಅರಣ್ಯ ಇಲಾಖೆ ಸಿಬ್ಬಂದಿ ಬಂಧಿಸಿದ್ದಾರೆ. ಆರೋಪಿಗಳಿಂದ ಸುಮಾರು 300 ರಿಂದ 400 ಕೆಜಿ ಮೀನು ಹಾಗೂ ಬಲೆಗಳನ್ನು ವಶಪಡಿಸಿಕೊಳ್ಳಲಾಗಿದೆ. ಕಾರ್ಯಾಚರಣೆಯಲ್ಲಿ ವಲಯ ಅರಣ್ಯಾಧಿಕಾರಿ ಹಾಗೂ ಸಿಬ್ಬಂದಿ ಭಾಗವಹಿಸಿದ್ದರು.
ಮಹದೇವಸ್ವಾಮಿ ನಿಧನ
ಆಲೂರು, ಜ.14- ಚಾಮರಾಜನಗರ ತಾಲೂಕಿನ ಆಲೂರು ಗ್ರಾಮದ ನಿವಾಸಿ ಮಹದೇವಸ್ವಾಮಿ (53) ನಿಧನರಾದರು. ಮೃತರು ಪತ್ನಿ, ಪುತ್ರ, ಪುತ್ರಿ ಹಾಗೂ ಅಪಾರ ಬಂಧು-ಬಳಗವನ್ನು ಅಗಲಿದ್ದಾರೆ. ಅಂತ್ಯಕ್ರಿಯೆ ಸ್ವಗ್ರಾಮದಲ್ಲಿ ನೆರವೇರಿತು.
ಎಂ.ಬಿ.ರಾಜಪ್ಪ
ಚಾಮರಾಜನಗರ, ಜ.14- ತಾಲೂಕಿನ ಮುದ್ದಳ್ಳಿ ಗ್ರಾಮದ ನಿವಾಸಿ ಎಂ.ಬಿ.ರಾಜಪ್ಪ (73) ಅನಾರೋಗ್ಯದಿಂದ ನಿಧನರಾದರು. ಮೃತರು ಇಬ್ಬರು ಪುತ್ರರು, ಪುತ್ರಿ ಹಾಗೂ ಅಪಾರ ಬಂಧು-ಬಳಗವನ್ನು ಅಗಲಿದ್ದಾರೆ. ಅಂತ್ಯಕ್ರಿಯೆ ಭಾನುವಾರ ನೆರವೇರಿತು.
ಎಸ್.ಚಿಕ್ಕಸ್ವಾಮಿ
ಚಾಮರಾಜನಗರ, ಜ.14- ನಗರದ ರಾಮಸಮುದ್ರ ಬಡಾವಣೆಯ ನಿವಾಸಿ ನಿವೃತ್ತ ಉಪತಹಸೀಲ್ದಾರ್ ಎಸ್.ಚಿಕ್ಕಸ್ವಾಮಿ (70) ನಿಧನರಾದರು. ಮೃತರು ಪತ್ನಿ, ಇಬ್ಬರು ಪುತ್ರರು ಹಾಗೂ ಅಪಾರ ಬಂಧು-ಬಳಗವನ್ನು ಅಗಲಿದ್ದಾರೆ. ಅಂತ್ಯಕ್ರಿಯೆ ನೆರವೇರಿತು.
